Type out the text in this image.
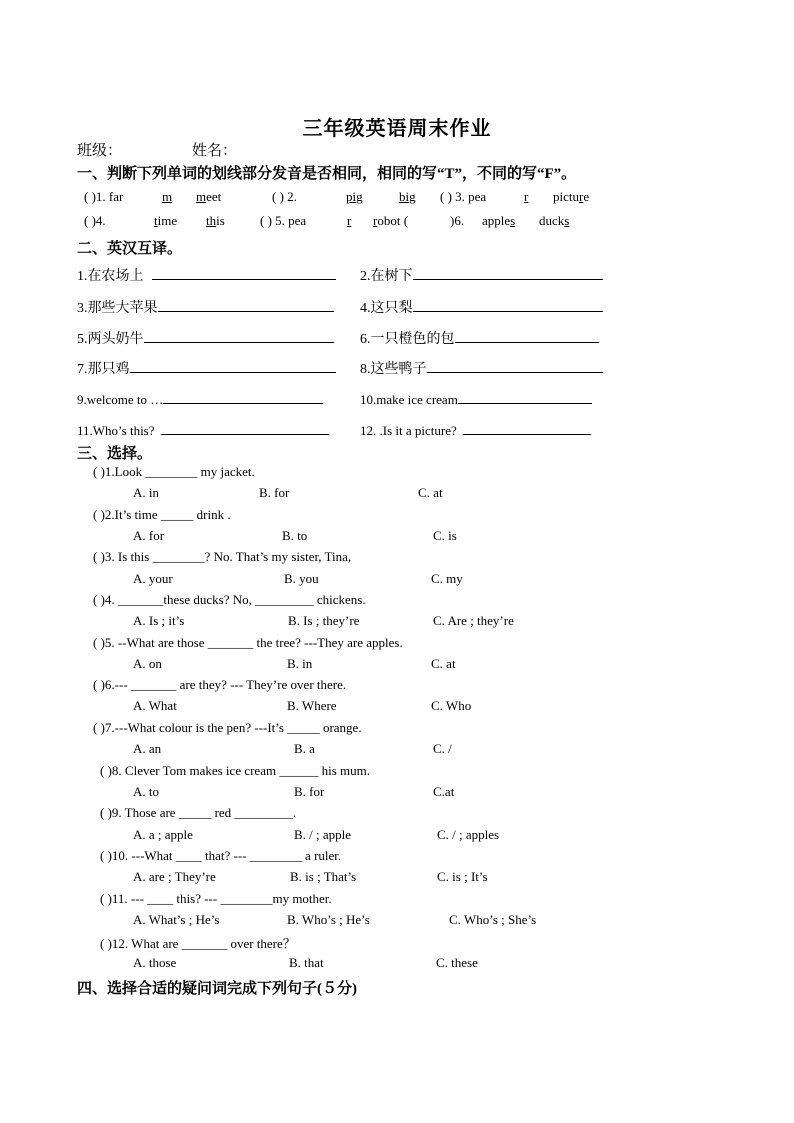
三年级英语周末作业
班级：	姓名：
一、判断下列单词的划线部分发音是否相同，相同的写“T”，不同的写“F”。
( )1. far	m meet	( ) 2.	pig	big ( ) 3. pea	r picture
( )4.	time this	( ) 5. pea	r robot (	)6. apples ducks
二、英汉互译。
1.在农场上	2.在树下
3.那些大苹果	4.这只梨
5.两头奶牛	6.一只橙色的包
7.那只鸡	8.这些鸭子
9.welcome to …	10.make ice cream
11.Who’s this?	12. .Is it a picture?
三、选择。
( )1.Look ________ my jacket.
A. in	B. for	C. at
( )2.It’s time _____ drink .
A. for	B. to	C. is
( )3. Is this ________? No. That’s my sister, Tina,
A. your	B. you	C. my
( )4. _______these ducks? No, _________ chickens.
A. Is ; it’s	B. Is ; they’re	C. Are ; they’re
( )5. --What are those _______ the tree? ---They are apples.
A. on	B. in	C. at
( )6.--- _______ are they? --- They’re over there.
A. What	B. Where	C. Who
( )7.---What colour is the pen? ---It’s _____ orange.
A. an	B. a	C. /
( )8. Clever Tom makes ice cream ______ his mum.
A. to	B. for	C.at
( )9. Those are _____ red _________.
A. a ; apple	B. / ; apple	C. / ; apples
( )10. ---What ____ that? --- ________ a ruler.
A. are ; They’re	B. is ; That’s	C. is ; It’s
( )11. --- ____ this? --- ________my mother.
A. What’s ; He’s	B. Who’s ; He’s	C. Who’s ; She’s
( )12. What are _______ over there？
A. those	B. that	C. these
四、选择合适的疑问词完成下列句子(５分)
